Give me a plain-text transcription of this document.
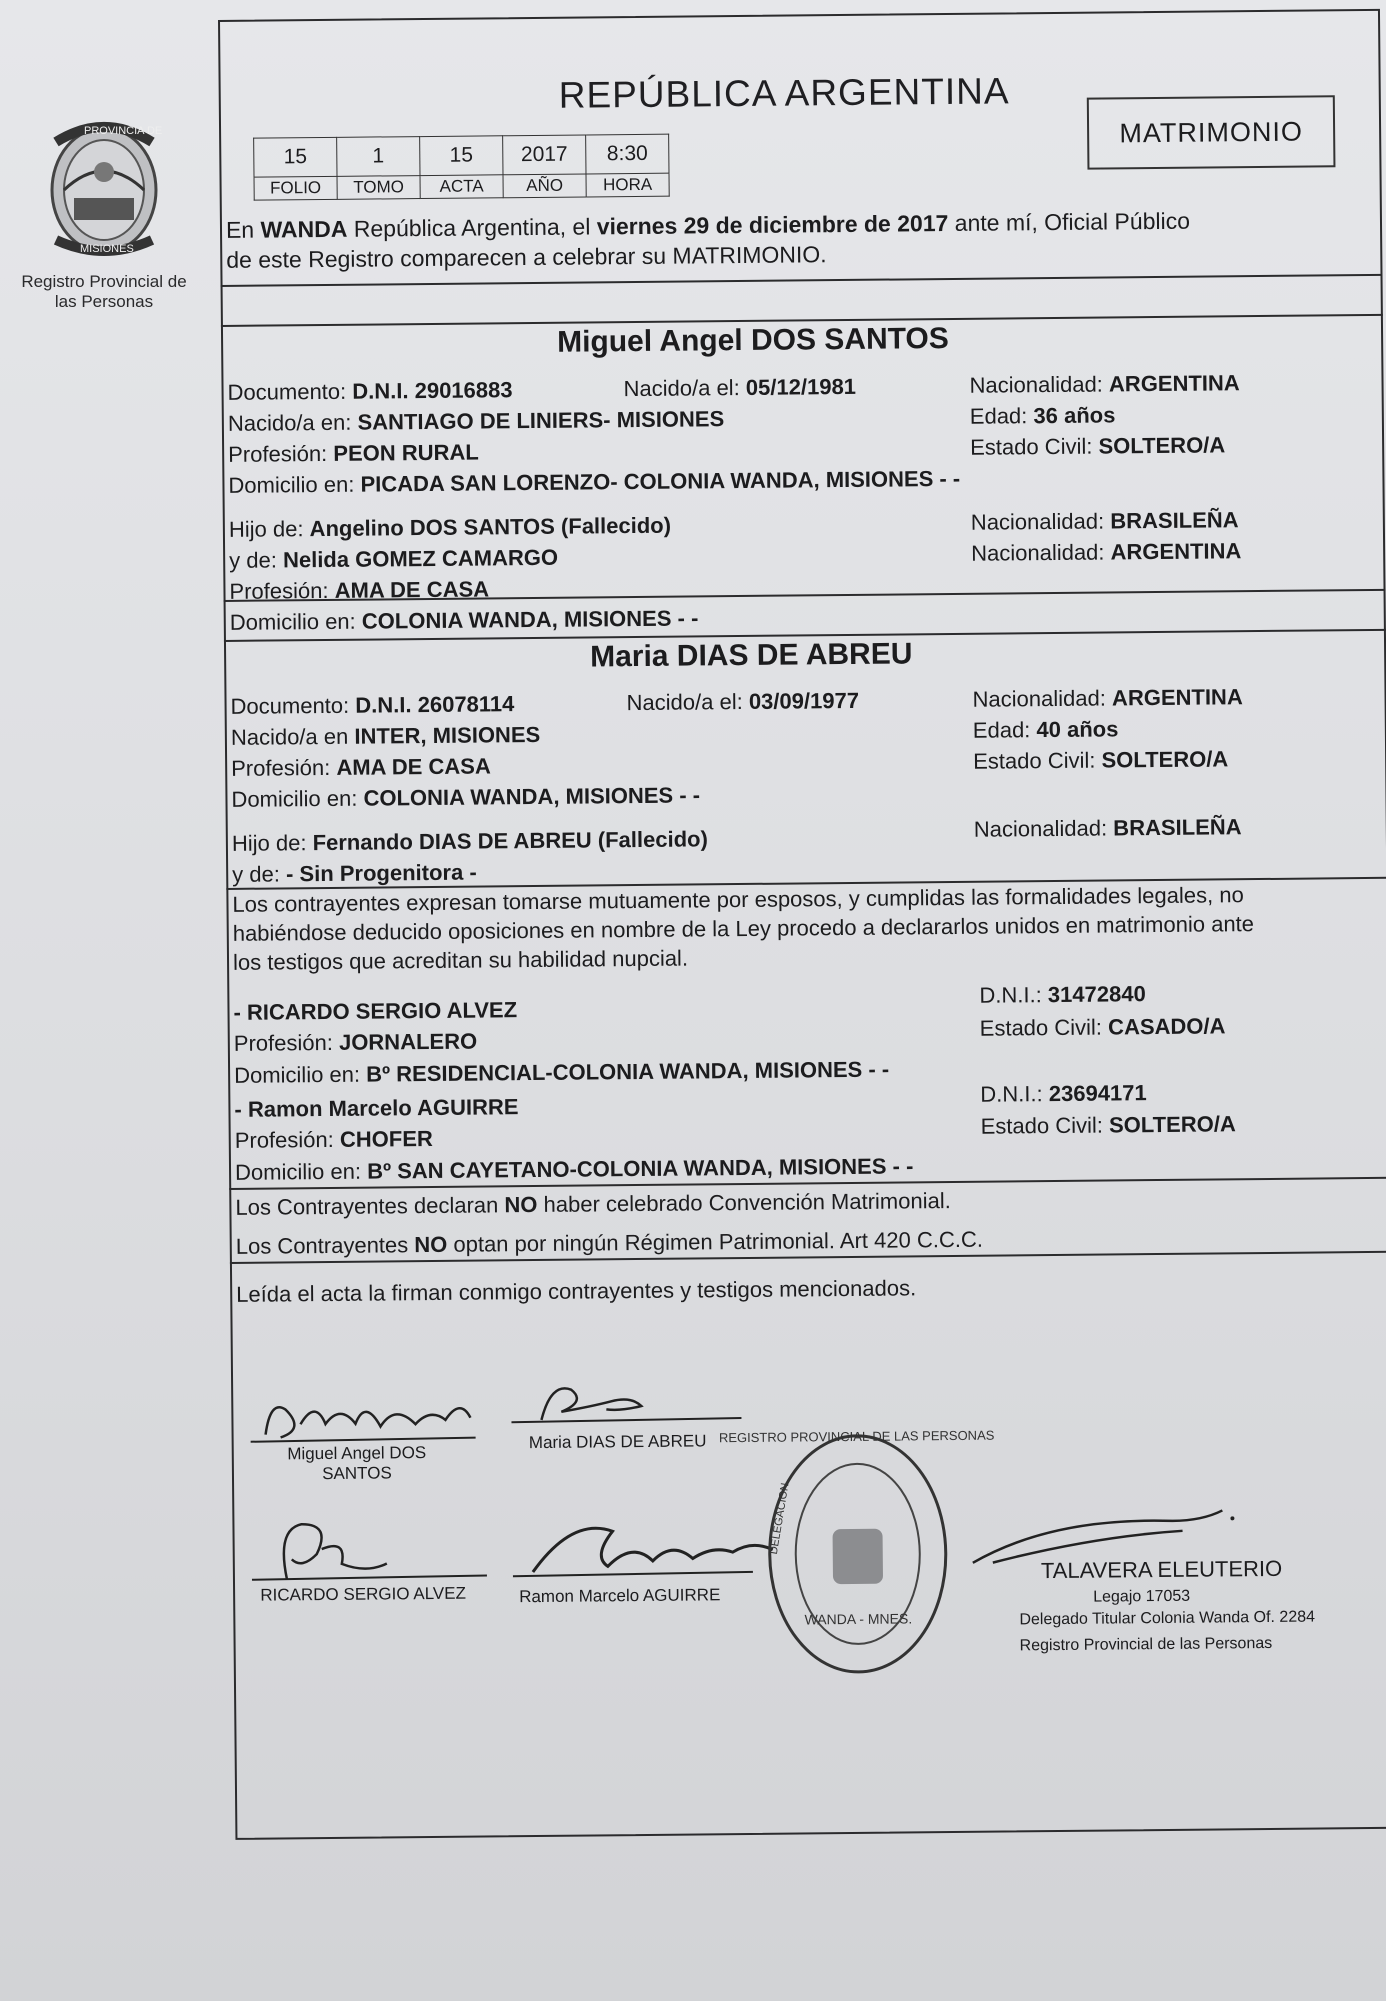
PROVINCIA DE
MISIONES
Registro Provincial de las Personas
REPÚBLICA ARGENTINA
MATRIMONIO
15	1	15	2017	8:30
FOLIO	TOMO	ACTA	AÑO	HORA
En WANDA República Argentina, el viernes 29 de diciembre de 2017 ante mí, Oficial Público
de este Registro comparecen a celebrar su MATRIMONIO.
Miguel Angel DOS SANTOS
Documento: D.N.I. 29016883	Nacido/a el: 05/12/1981	Nacionalidad: ARGENTINA
Nacido/a en: SANTIAGO DE LINIERS- MISIONES	Edad: 36 años
Profesión: PEON RURAL	Estado Civil: SOLTERO/A
Domicilio en: PICADA SAN LORENZO- COLONIA WANDA, MISIONES - -
Hijo de: Angelino DOS SANTOS (Fallecido)	Nacionalidad: BRASILEÑA
y de: Nelida GOMEZ CAMARGO	Nacionalidad: ARGENTINA
Profesión: AMA DE CASA
Domicilio en: COLONIA WANDA, MISIONES - -
Maria DIAS DE ABREU
Documento: D.N.I. 26078114	Nacido/a el: 03/09/1977	Nacionalidad: ARGENTINA
Nacido/a en INTER, MISIONES	Edad: 40 años
Profesión: AMA DE CASA	Estado Civil: SOLTERO/A
Domicilio en: COLONIA WANDA, MISIONES - -
Hijo de: Fernando DIAS DE ABREU (Fallecido)	Nacionalidad: BRASILEÑA
y de: - Sin Progenitora -
Los contrayentes expresan tomarse mutuamente por esposos, y cumplidas las formalidades legales, no
habiéndose deducido oposiciones en nombre de la Ley procedo a declararlos unidos en matrimonio ante
los testigos que acreditan su habilidad nupcial.
- RICARDO SERGIO ALVEZ
D.N.I.: 31472840
Profesión: JORNALERO
Estado Civil: CASADO/A
Domicilio en: Bº RESIDENCIAL-COLONIA WANDA, MISIONES - -
- Ramon Marcelo AGUIRRE
D.N.I.: 23694171
Profesión: CHOFER
Estado Civil: SOLTERO/A
Domicilio en: Bº SAN CAYETANO-COLONIA WANDA, MISIONES - -
Los Contrayentes declaran NO haber celebrado Convención Matrimonial.
Los Contrayentes NO optan por ningún Régimen Patrimonial. Art 420 C.C.C.
Leída el acta la firman conmigo contrayentes y testigos mencionados.
Miguel Angel DOS
SANTOS
Maria DIAS DE ABREU
RICARDO SERGIO ALVEZ	Ramon Marcelo AGUIRRE
REGISTRO PROVINCIAL DE LAS PERSONAS
WANDA - MNES.
DELEGACION
TALAVERA ELEUTERIO
Legajo 17053
Delegado Titular Colonia Wanda Of. 2284
Registro Provincial de las Personas
